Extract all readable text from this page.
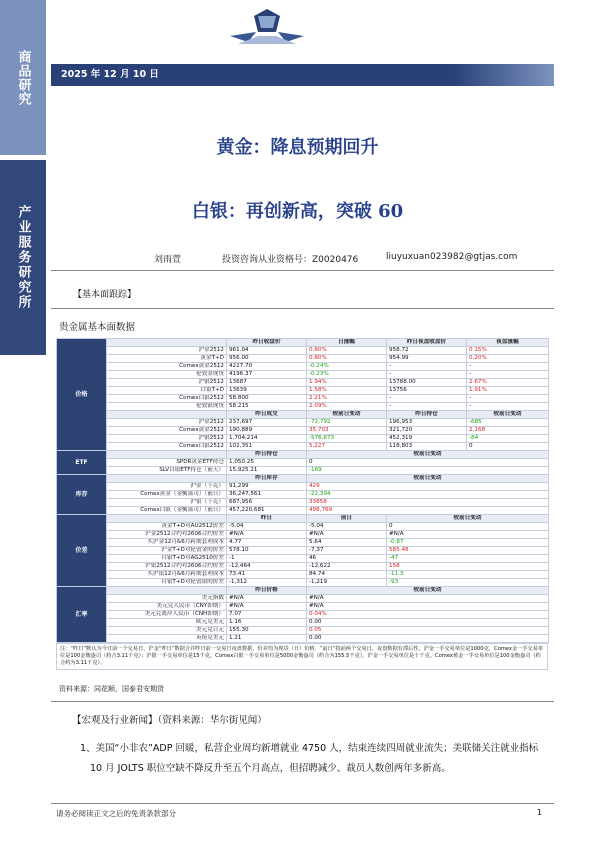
商品研究
产业服务研究所
2025 年 12 月 10 日
黄金：降息预期回升
白银：再创新高，突破 60
刘雨萱	投资咨询从业资格号：Z0020476	liuyuxuan023982@gtjas.com
【基本面跟踪】
贵金属基本面数据
价格		昨日收盘价	日涨幅	昨日夜盘收盘价	夜盘涨幅
	沪金2512	961.04	0.80%	958.72	0.15%
	黄金T+D	956.00	0.80%	954.99	0.20%
	Comex黄金2512	4227.70	-0.24%	-	-
	伦敦金现货	4196.37	-0.23%	-	-
	沪银2512	13687	1.94%	13788.00	2.67%
	白银T+D	13639	1.58%	13756	1.91%
	Comex白银2512	58.800	2.21%	-	-
	伦敦银现货	58.215	2.09%	-	-
		昨日成交	较前日变动	昨日持仓	较前日变动
	沪金2512	237,697	-72,792	196,953	-685
	Comex黄金2512	190,889	35,703	321,720	2,168
	沪银2512	1,704,214	-576,673	452,319	-84
	Comex白银2512	102,351	5,227	118,803	0
ETF		昨日持仓	较前日变动		
	SPDR黄金ETF持仓	1,050.25	0		
	SLV白银ETF持仓（前天）	15,925.21	-169		
库存		昨日库存	较前日变动		
	沪金（千克）	91,299	429		
	Comex黄金（金衡盎司）（前日）	36,247,561	-22,394		
	沪银（千克）	687,956	33858		
	Comex白银（金衡盎司）（前日）	457,220,681	498,769		
价差		昨日	前日	较前日变动	
	黄金T+D对AU2512价差	-5.04	-5.04	0	
	沪金2512合约对2606合约价差	#N/A	#N/A	#N/A	
	买沪金12月&6月跨期套利成本	4.77	5.64	-0.87	
	沪金T+D对伦敦金的价差	578.10	-7.37	585.48	
	白银T+D对AG2510价差	-1	46	-47	
	沪银2512合约对2606合约价差	-12,464	-12,622	158	
	买沪银12月&6月跨期套利成本	73.41	84.74	-11.3	
	白银T+D对伦敦银的价差	-1,312	-1,219	-93	
汇率		昨日价格	较前日变动		
	美元指数	#N/A	#N/A		
	美元兑人民币（CNY即期）	#N/A	#N/A		
	美元兑离岸人民币（CNH即期）	7.07	0.04%		
	欧元兑美元	1.16	0.00		
	美元兑日元	155.30	0.05		
	英镑兑美元	1.21	0.00		
注：“昨日”默认为今日前一个交易日，沪金“昨日”数据合并昨日前一交易日夜盘数据，价差均为现货（日）价格，“前日”指前两个交易日，夜盘数据有滞后性。沪金一手交易单位是1000克，Comex金一手交易单位是100金衡盎司（约合3.11千克）；沪银一手交易单位是15千克，Comex白银一手交易单位是5000金衡盎司（约合为155.5千克）。沪金一手交易单位是十千克。Comex黄金一手交易单位是100金衡盎司（约合约为3.11千克）。
资料来源：同花顺，国泰君安期货
【宏观及行业新闻】（资料来源：华尔街见闻）
1、美国“小非农”ADP 回暖，私营企业周均新增就业 4750 人，结束连续四周就业流失；美联储关注就业指标 10 月 JOLTS 职位空缺不降反升至五个月高点，但招聘减少、裁员人数创两年多新高。
请务必阅读正文之后的免责条款部分	1
